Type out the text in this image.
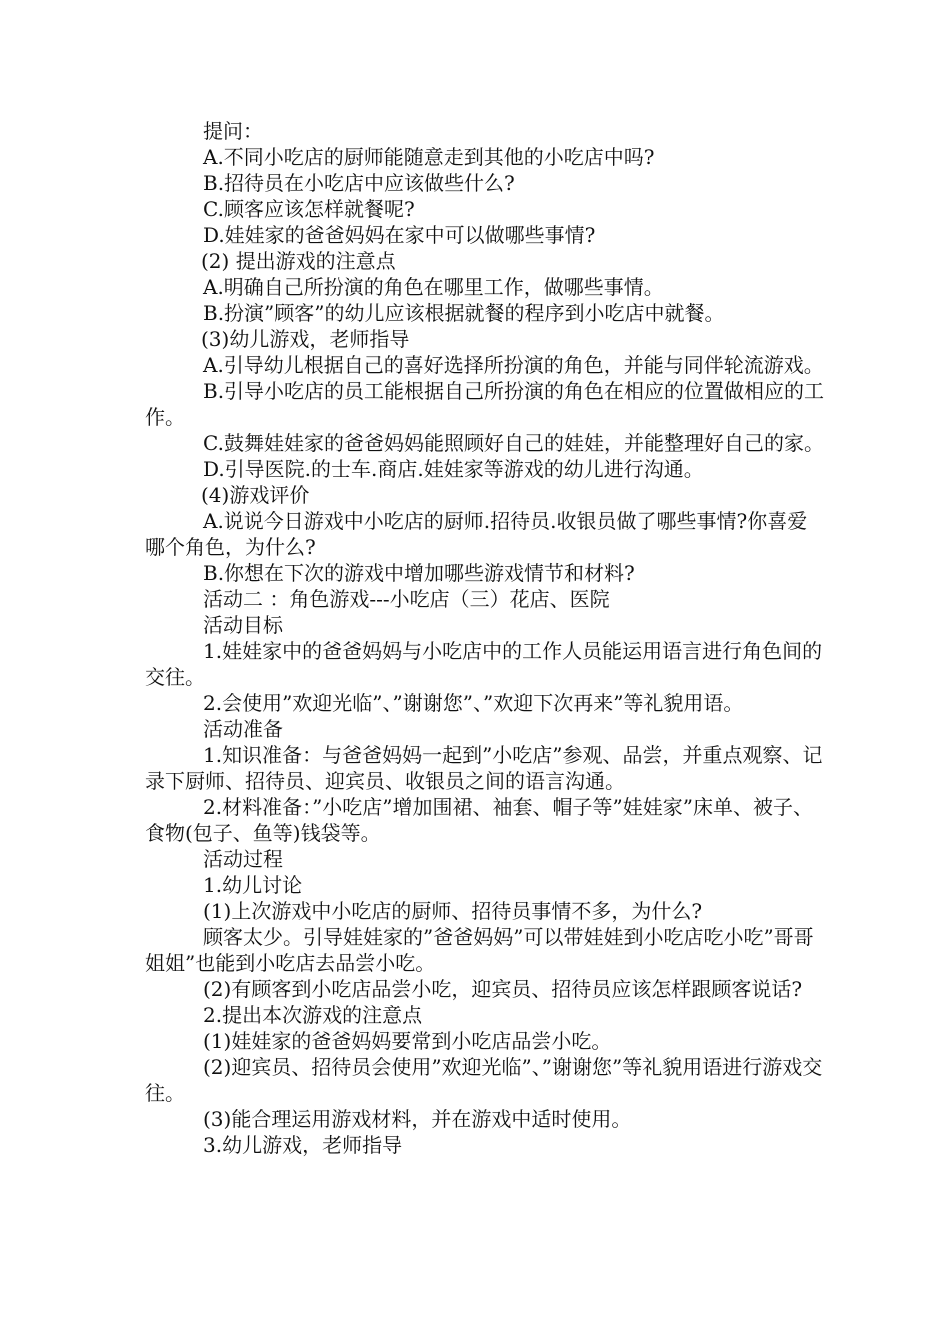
提问：

A.不同小吃店的厨师能随意走到其他的小吃店中吗?

B.招待员在小吃店中应该做些什么?

C.顾客应该怎样就餐呢?

D.娃娃家的爸爸妈妈在家中可以做哪些事情?

(2) 提出游戏的注意点

A.明确自己所扮演的角色在哪里工作，做哪些事情。

B.扮演”顾客”的幼儿应该根据就餐的程序到小吃店中就餐。

(3)幼儿游戏，老师指导

A.引导幼儿根据自己的喜好选择所扮演的角色，并能与同伴轮流游戏。

B.引导小吃店的员工能根据自己所扮演的角色在相应的位置做相应的工作。

C.鼓舞娃娃家的爸爸妈妈能照顾好自己的娃娃，并能整理好自己的家。

D.引导医院.的士车.商店.娃娃家等游戏的幼儿进行沟通。

(4)游戏评价

A.说说今日游戏中小吃店的厨师.招待员.收银员做了哪些事情?你喜爱哪个角色，为什么?

B.你想在下次的游戏中增加哪些游戏情节和材料?

活动二 ：角色游戏---小吃店（三）花店、医院

活动目标

1.娃娃家中的爸爸妈妈与小吃店中的工作人员能运用语言进行角色间的交往。

2.会使用”欢迎光临”、”谢谢您”、”欢迎下次再来”等礼貌用语。

活动准备

1.知识准备：与爸爸妈妈一起到”小吃店”参观、品尝，并重点观察、记录下厨师、招待员、迎宾员、收银员之间的语言沟通。

2.材料准备：”小吃店”增加围裙、袖套、帽子等”娃娃家”床单、被子、食物(包子、鱼等)钱袋等。

活动过程

1.幼儿讨论

(1)上次游戏中小吃店的厨师、招待员事情不多，为什么?

顾客太少。引导娃娃家的”爸爸妈妈”可以带娃娃到小吃店吃小吃”哥哥姐姐”也能到小吃店去品尝小吃。

(2)有顾客到小吃店品尝小吃，迎宾员、招待员应该怎样跟顾客说话?

2.提出本次游戏的注意点

(1)娃娃家的爸爸妈妈要常到小吃店品尝小吃。

(2)迎宾员、招待员会使用”欢迎光临”、”谢谢您”等礼貌用语进行游戏交往。

(3)能合理运用游戏材料，并在游戏中适时使用。

3.幼儿游戏，老师指导
